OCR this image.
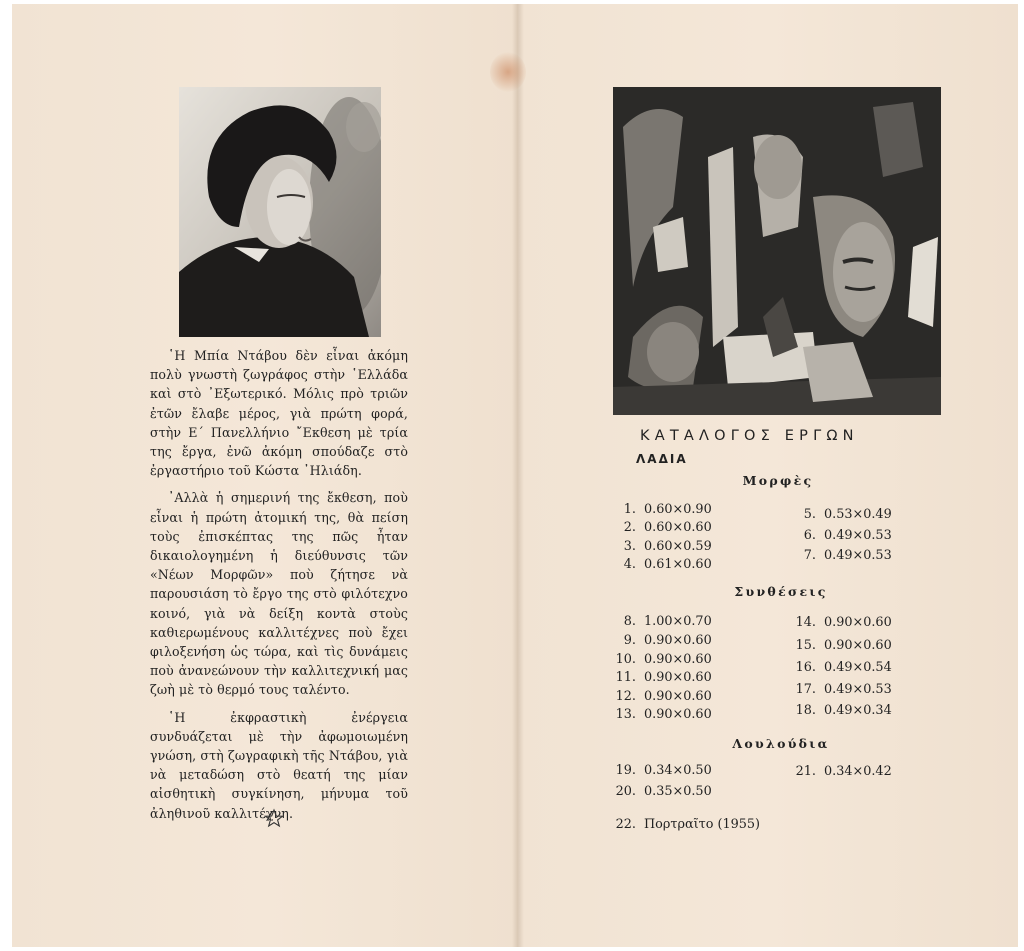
῾Η Μπία Ντάβου δὲν εἶναι ἀκόμη πολὺ γνωστὴ ζωγράφος στὴν ῾Ελλάδα καὶ στὸ ᾿Εξωτερικό. Μόλις πρὸ τριῶν ἐτῶν ἔλαβε μέρος, γιὰ πρώτη φορά, στὴν Ε΄ Πανελλήνιο ῎Εκθεση μὲ τρία της ἔργα, ἐνῶ ἀκόμη σπούδαζε στὸ ἐργαστήριο τοῦ Κώστα ᾿Ηλιάδη.

᾿Αλλὰ ἡ σημερινή της ἔκθεση, ποὺ εἶναι ἡ πρώτη ἀτομική της, θὰ πείση τοὺς ἐπισκέπτας της πῶς ἦταν δικαιολογημένη ἡ διεύθυνσις τῶν «Νέων Μορφῶν» ποὺ ζήτησε νὰ παρουσιάση τὸ ἔργο της στὸ φιλότεχνο κοινό, γιὰ νὰ δείξη κοντὰ στοὺς καθιερωμένους καλλιτέχνες ποὺ ἔχει φιλοξενήση ὡς τώρα, καὶ τὶς δυνάμεις ποὺ ἀνανεώνουν τὴν καλλιτεχνική μας ζωὴ μὲ τὸ θερμό τους ταλέντο.

῾Η ἐκφραστικὴ ἐνέργεια συνδυάζεται μὲ τὴν ἀφωμοιωμένη γνώση, στὴ ζωγραφικὴ τῆς Ντάβου, γιὰ νὰ μεταδώση στὸ θεατή της μίαν αἰσθητικὴ συγκίνηση, μήνυμα τοῦ ἀληθινοῦ καλλιτέχνη.

ΚΑΤΑΛΟΓΟΣ ΕΡΓΩΝ
ΛΑΔΙΑ
Μορφὲς
1. 0.60×0.90
2. 0.60×0.60
3. 0.60×0.59
4. 0.61×0.60
5. 0.53×0.49
6. 0.49×0.53
7. 0.49×0.53
Συνθέσεις
8. 1.00×0.70
9. 0.90×0.60
10. 0.90×0.60
11. 0.90×0.60
12. 0.90×0.60
13. 0.90×0.60
14. 0.90×0.60
15. 0.90×0.60
16. 0.49×0.54
17. 0.49×0.53
18. 0.49×0.34
Λουλούδια
19. 0.34×0.50
20. 0.35×0.50
21. 0.34×0.42
22. Πορτραῖτο (1955)
